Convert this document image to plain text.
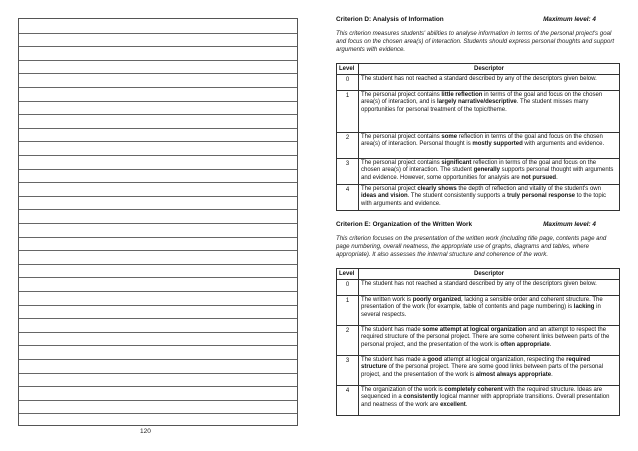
120
Criterion D: Analysis of Information	Maximum level: 4

This criterion measures students' abilities to analyse information in terms of the personal project's goal and focus on the chosen area(s) of interaction. Students should express personal thoughts and support arguments with evidence.

Level	Descriptor
0	The student has not reached a standard described by any of the descriptors given below.
1	The personal project contains little reflection in terms of the goal and focus on the chosen area(s) of interaction, and is largely narrative/descriptive. The student misses many opportunities for personal treatment of the topic/theme.
2	The personal project contains some reflection in terms of the goal and focus on the chosen area(s) of interaction. Personal thought is mostly supported with arguments and evidence.
3	The personal project contains significant reflection in terms of the goal and focus on the chosen area(s) of interaction. The student generally supports personal thought with arguments and evidence. However, some opportunities for analysis are not pursued.
4	The personal project clearly shows the depth of reflection and vitality of the student's own ideas and vision. The student consistently supports a truly personal response to the topic with arguments and evidence.
Criterion E: Organization of the Written Work	Maximum level: 4

This criterion focuses on the presentation of the written work (including title page, contents page and page numbering, overall neatness, the appropriate use of graphs, diagrams and tables, where appropriate). It also assesses the internal structure and coherence of the work.

Level	Descriptor
0	The student has not reached a standard described by any of the descriptors given below.
1	The written work is poorly organized, lacking a sensible order and coherent structure. The presentation of the work (for example, table of contents and page numbering) is lacking in several respects.
2	The student has made some attempt at logical organization and an attempt to respect the required structure of the personal project. There are some coherent links between parts of the personal project, and the presentation of the work is often appropriate.
3	The student has made a good attempt at logical organization, respecting the required structure of the personal project. There are some good links between parts of the personal project, and the presentation of the work is almost always appropriate.
4	The organization of the work is completely coherent with the required structure. Ideas are sequenced in a consistently logical manner with appropriate transitions. Overall presentation and neatness of the work are excellent.
